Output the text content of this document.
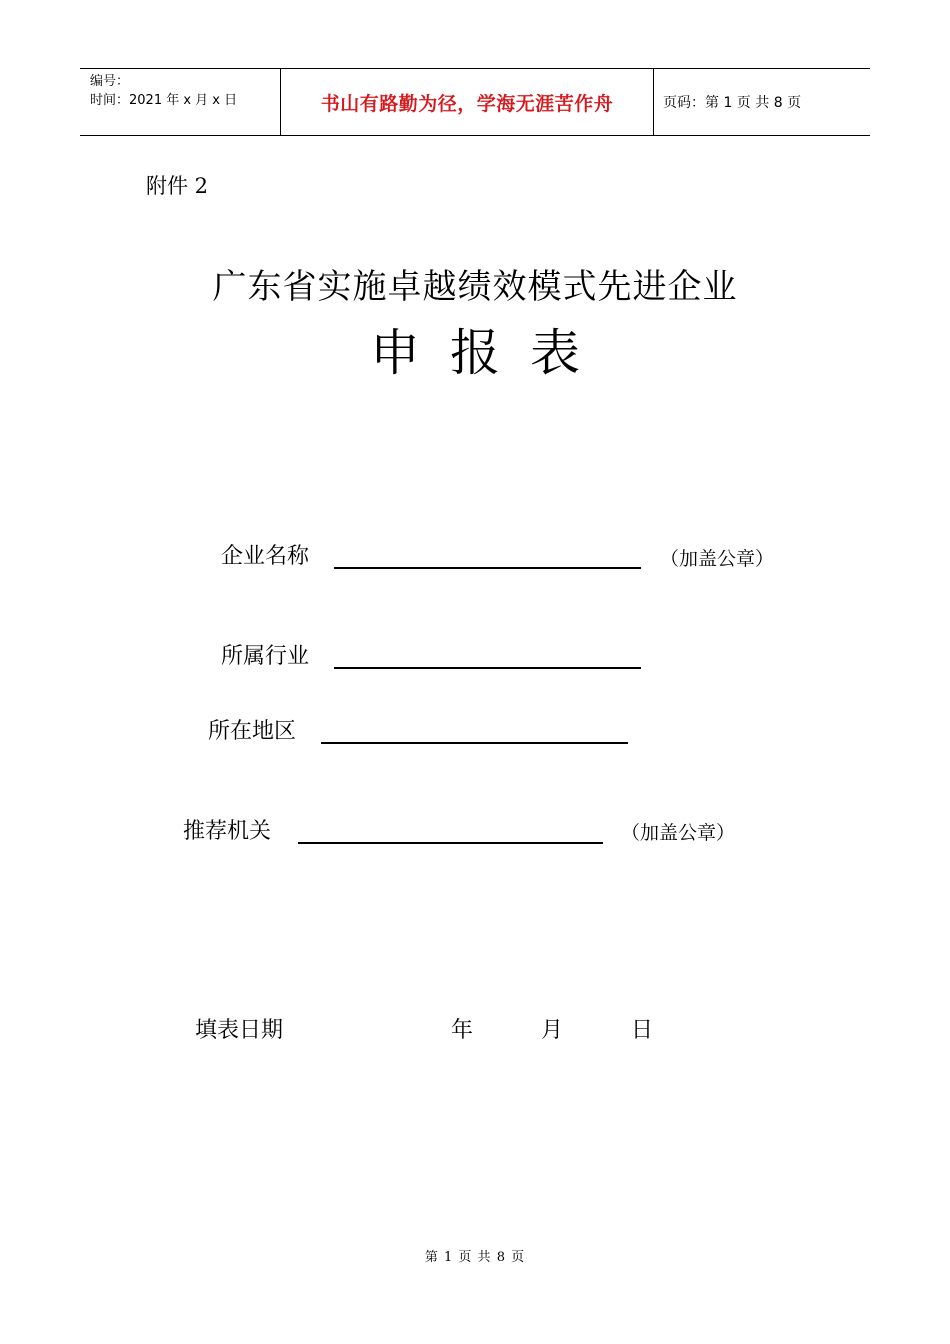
编号：
时间：2021 年 x 月 x 日	书山有路勤为径，学海无涯苦作舟	页码：第 1 页 共 8 页
附件 2
广东省实施卓越绩效模式先进企业
申报表
企业名称	（加盖公章）
所属行业
所在地区
推荐机关	（加盖公章）
填表日期	年	月	日
第 1 页 共 8 页
